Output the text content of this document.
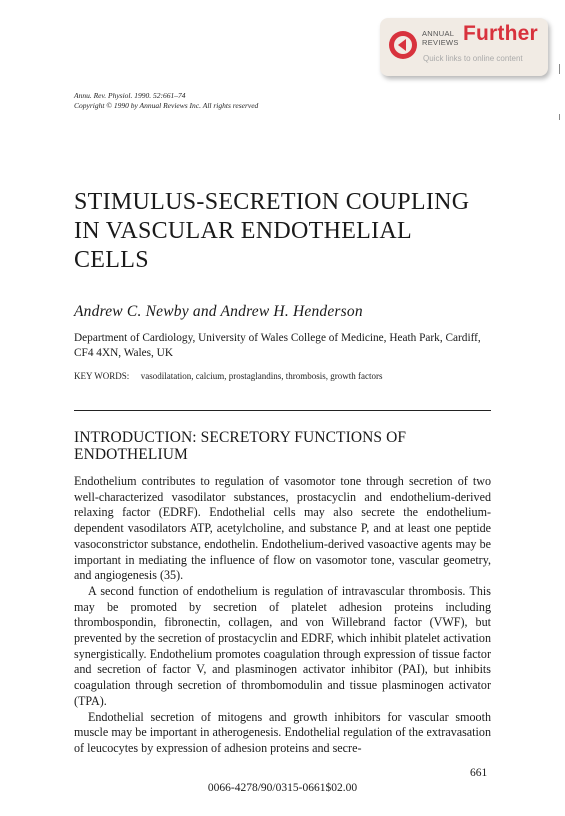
ANNUAL
REVIEWS Further
Quick links to online content
Annu. Rev. Physiol. 1990. 52:661–74
Copyright © 1990 by Annual Reviews Inc. All rights reserved
STIMULUS-SECRETION COUPLING
IN VASCULAR ENDOTHELIAL
CELLS
Andrew C. Newby and Andrew H. Henderson
Department of Cardiology, University of Wales College of Medicine, Heath Park, Cardiff, CF4 4XN, Wales, UK
KEY WORDS: vasodilatation, calcium, prostaglandins, thrombosis, growth factors
INTRODUCTION: SECRETORY FUNCTIONS OF ENDOTHELIUM

Endothelium contributes to regulation of vasomotor tone through secretion of two well-characterized vasodilator substances, prostacyclin and endothelium-derived relaxing factor (EDRF). Endothelial cells may also secrete the endothelium-dependent vasodilators ATP, acetylcholine, and substance P, and at least one peptide vasoconstrictor substance, endothelin. Endothelium-derived vasoactive agents may be important in mediating the influence of flow on vasomotor tone, vascular geometry, and angiogenesis (35).

A second function of endothelium is regulation of intravascular thrombosis. This may be promoted by secretion of platelet adhesion proteins including thrombospondin, fibronectin, collagen, and von Willebrand factor (VWF), but prevented by the secretion of prostacyclin and EDRF, which inhibit platelet activation synergistically. Endothelium promotes coagulation through expression of tissue factor and secretion of factor V, and plasminogen activator inhibitor (PAI), but inhibits coagulation through secretion of thrombomodulin and tissue plasminogen activator (TPA).

Endothelial secretion of mitogens and growth inhibitors for vascular smooth muscle may be important in atherogenesis. Endothelial regulation of the extravasation of leucocytes by expression of adhesion proteins and secre-

661
0066-4278/90/0315-0661$02.00
